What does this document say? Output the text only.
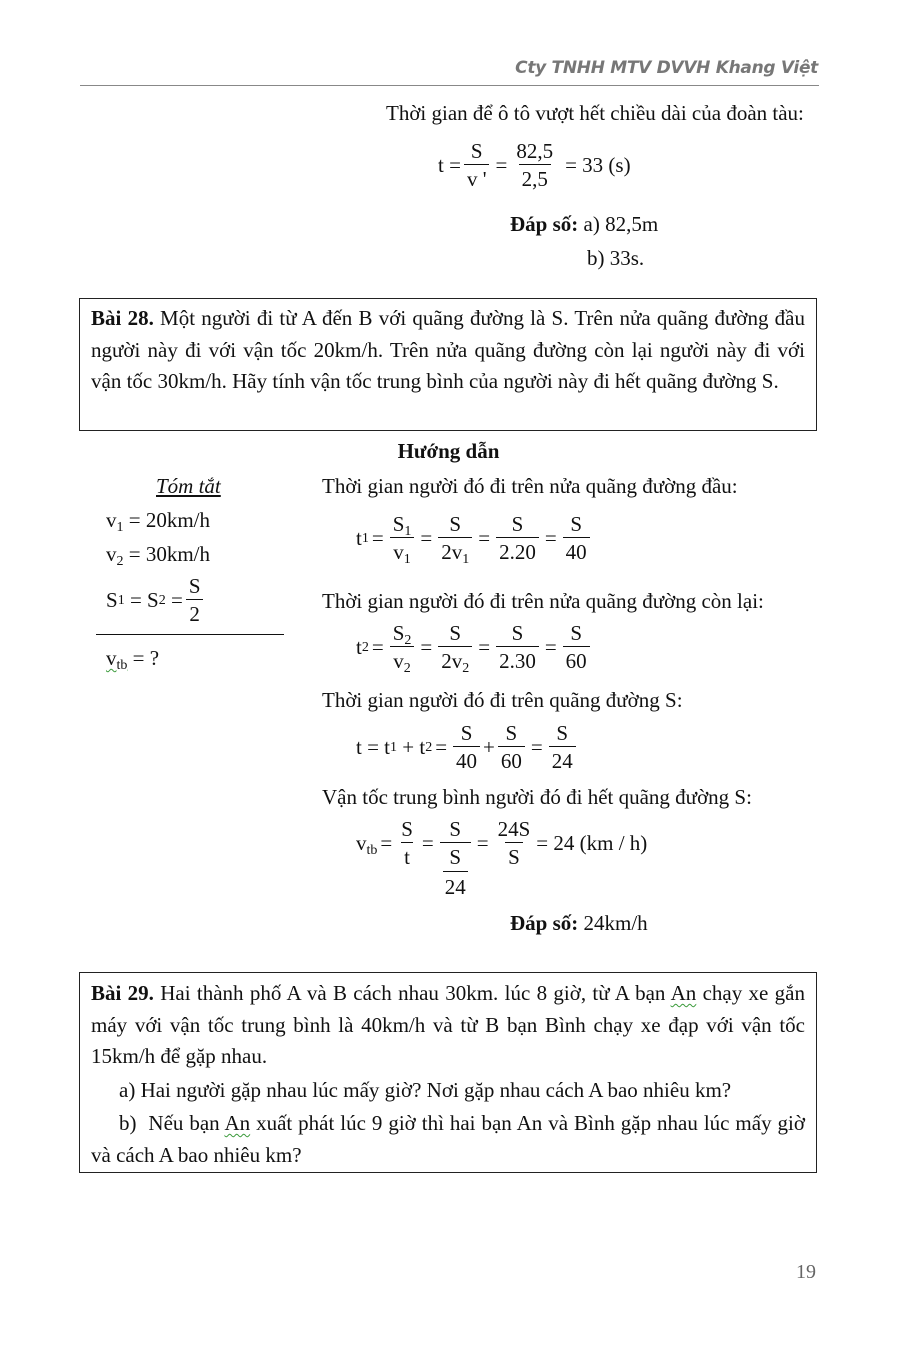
Cty TNHH MTV DVVH Khang Việt
Thời gian để ô tô vượt hết chiều dài của đoàn tàu:
$t = \frac{S}{v '} = \frac{82,5}{2,5} = 33$ (s)
Đáp số: a) 82,5m
b) 33s.
Bài 28. Một người đi từ A đến B với quãng đường là S. Trên nửa quãng đường đầu người này đi với vận tốc 20km/h. Trên nửa quãng đường còn lại người này đi với vận tốc 30km/h. Hãy tính vận tốc trung bình của người này đi hết quãng đường S.
Hướng dẫn
Tóm tắt
$v_1 = 20km/h$
$v_2 = 30km/h$
S 1 = S $2 = \frac{S}{2}$
$v_{tb}$ = ?
Thời gian người đó đi trên nửa quãng đường đầu:
t $1 = \frac{S_1}{v_1} = \frac{S}{2v_1} = \frac{S}{2.20} = \frac{S}{40}$
Thời gian người đó đi trên nửa quãng đường còn lại:
t $2 = \frac{S_2}{v_2} = \frac{S}{2v_2} = \frac{S}{2.30} = \frac{S}{60}$
Thời gian người đó đi trên quãng đường S:
t = t 1 + t $2 = \frac{S}{40} + \frac{S}{60} = \frac{S}{24}$
Vận tốc trung bình người đó đi hết quãng đường S:
$v_{tb} = \frac{S}{t} = S$
S
$24 = \frac{24S}{S} = 24$ (km / h)
Đáp số: 24km/h
Bài 29. Hai thành phố A và B cách nhau 30km. lúc 8 giờ, từ A bạn An chạy xe gắn máy với vận tốc trung bình là 40km/h và từ B bạn Bình chạy xe đạp với vận tốc 15km/h để gặp nhau.
a) Hai người gặp nhau lúc mấy giờ? Nơi gặp nhau cách A bao nhiêu km?
b)  Nếu bạn An xuất phát lúc 9 giờ thì hai bạn An và Bình gặp nhau lúc mấy giờ và cách A bao nhiêu km?
19
